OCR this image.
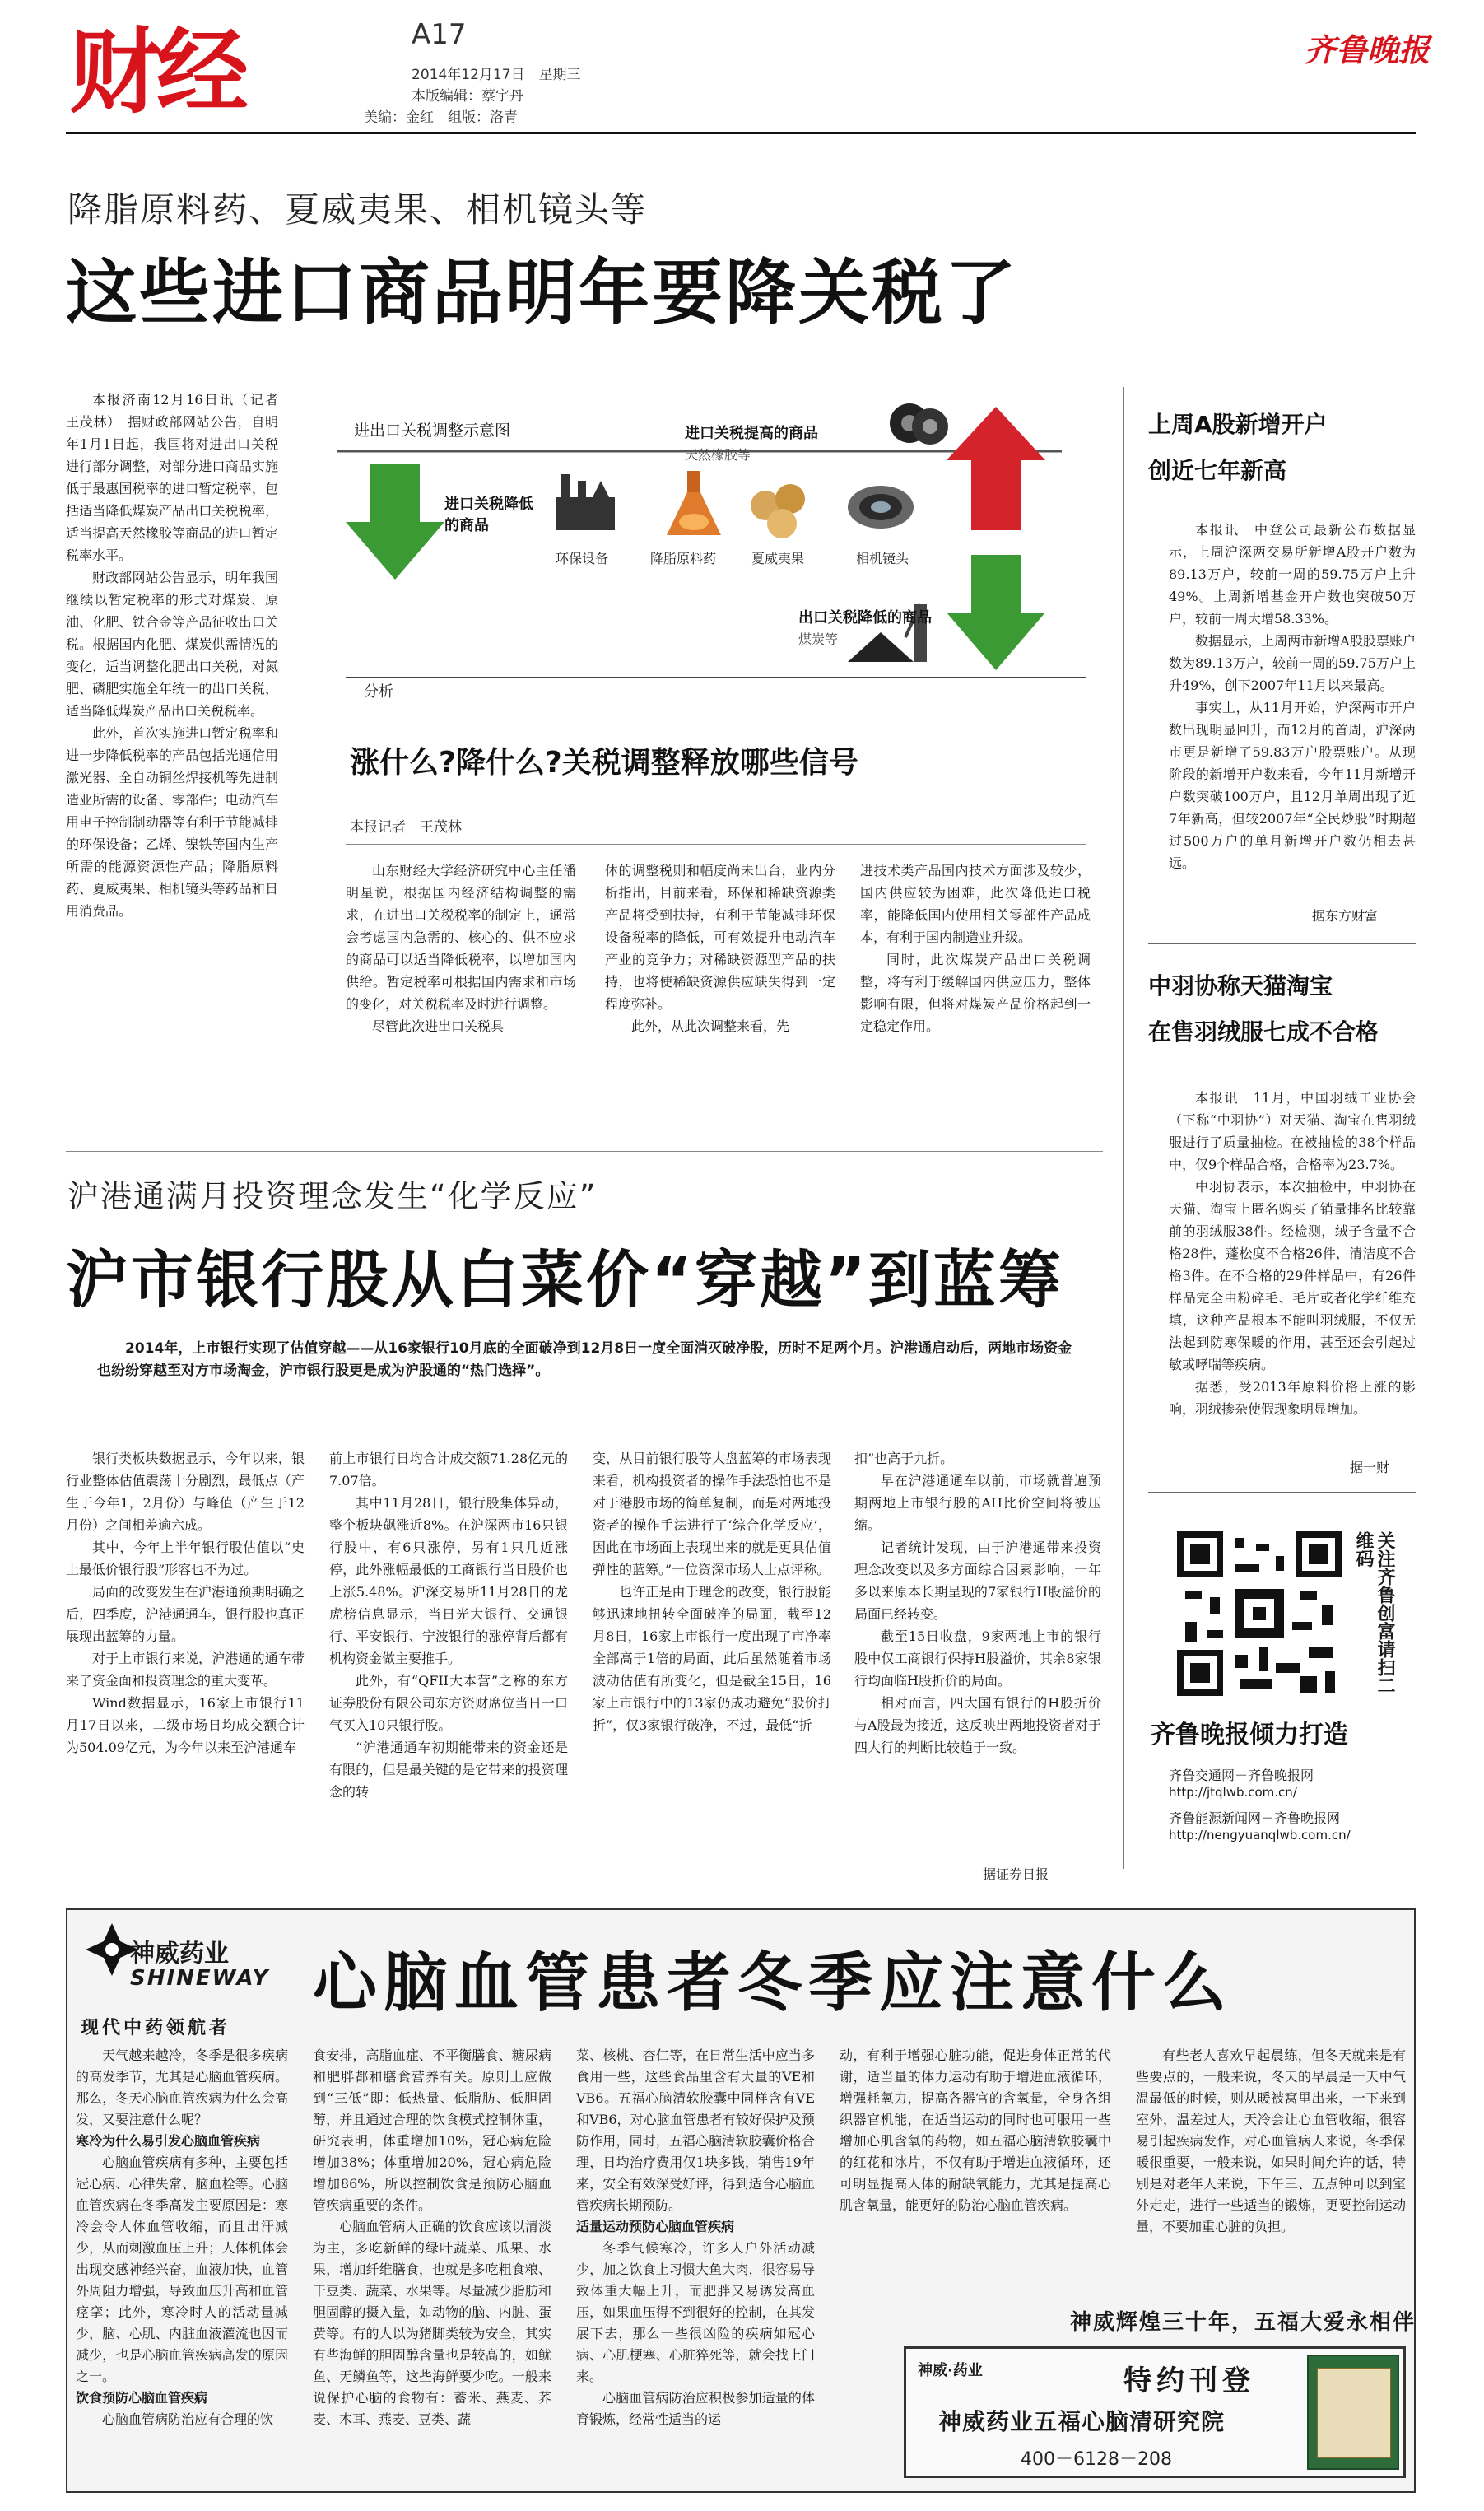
财经	A17
2014年12月17日　星期三
本版编辑：蔡宇丹
美编：金红　组版：洛青
齐鲁晚报
降脂原料药、夏威夷果、相机镜头等
这些进口商品明年要降关税了

本报济南12月16日讯（记者　王茂林）　据财政部网站公告，自明年1月1日起，我国将对进出口关税进行部分调整，对部分进口商品实施低于最惠国税率的进口暂定税率，包括适当降低煤炭产品出口关税税率，适当提高天然橡胶等商品的进口暂定税率水平。

财政部网站公告显示，明年我国继续以暂定税率的形式对煤炭、原油、化肥、铁合金等产品征收出口关税。根据国内化肥、煤炭供需情况的变化，适当调整化肥出口关税，对氮肥、磷肥实施全年统一的出口关税，适当降低煤炭产品出口关税税率。

此外，首次实施进口暂定税率和进一步降低税率的产品包括光通信用激光器、全自动铜丝焊接机等先进制造业所需的设备、零部件；电动汽车用电子控制制动器等有利于节能减排的环保设备；乙烯、镍铁等国内生产所需的能源资源性产品；降脂原料药、夏威夷果、相机镜头等药品和日用消费品。

进出口关税调整示意图	进口关税提高的商品
天然橡胶等
进口关税降低的商品
环保设备	降脂原料药	夏威夷果	相机镜头
出口关税降低的商品
煤炭等
分析
涨什么?降什么?关税调整释放哪些信号
本报记者　王茂林

山东财经大学经济研究中心主任潘明星说，根据国内经济结构调整的需求，在进出口关税税率的制定上，通常会考虑国内急需的、核心的、供不应求的商品可以适当降低税率，以增加国内供给。暂定税率可根据国内需求和市场的变化，对关税税率及时进行调整。

尽管此次进出口关税具

体的调整税则和幅度尚未出台，业内分析指出，目前来看，环保和稀缺资源类产品将受到扶持，有利于节能减排环保设备税率的降低，可有效提升电动汽车产业的竞争力；对稀缺资源型产品的扶持，也将使稀缺资源供应缺失得到一定程度弥补。

此外，从此次调整来看，先

进技术类产品国内技术方面涉及较少，国内供应较为困难，此次降低进口税率，能降低国内使用相关零部件产品成本，有利于国内制造业升级。

同时，此次煤炭产品出口关税调整，将有利于缓解国内供应压力，整体影响有限，但将对煤炭产品价格起到一定稳定作用。

上周A股新增开户
创近七年新高

本报讯　中登公司最新公布数据显示，上周沪深两交易所新增A股开户数为89.13万户，较前一周的59.75万户上升49%。上周新增基金开户数也突破50万户，较前一周大增58.33%。

数据显示，上周两市新增A股股票账户数为89.13万户，较前一周的59.75万户上升49%，创下2007年11月以来最高。

事实上，从11月开始，沪深两市开户数出现明显回升，而12月的首周，沪深两市更是新增了59.83万户股票账户。从现阶段的新增开户数来看，今年11月新增开户数突破100万户，且12月单周出现了近7年新高，但较2007年“全民炒股”时期超过500万户的单月新增开户数仍相去甚远。

据东方财富
中羽协称天猫淘宝
在售羽绒服七成不合格

本报讯　11月，中国羽绒工业协会（下称“中羽协”）对天猫、淘宝在售羽绒服进行了质量抽检。在被抽检的38个样品中，仅9个样品合格，合格率为23.7%。

中羽协表示，本次抽检中，中羽协在天猫、淘宝上匿名购买了销量排名比较靠前的羽绒服38件。经检测，绒子含量不合格28件，蓬松度不合格26件，清洁度不合格3件。在不合格的29件样品中，有26件样品完全由粉碎毛、毛片或者化学纤维充填，这种产品根本不能叫羽绒服，不仅无法起到防寒保暖的作用，甚至还会引起过敏或哮喘等疾病。

据悉，受2013年原料价格上涨的影响，羽绒掺杂使假现象明显增加。

据一财
关注齐鲁创富请扫二维码
齐鲁晚报倾力打造
齐鲁交通网－齐鲁晚报网
http://jtqlwb.com.cn/
齐鲁能源新闻网－齐鲁晚报网
http://nengyuanqlwb.com.cn/
沪港通满月投资理念发生“化学反应”
沪市银行股从白菜价“穿越”到蓝筹
2014年，上市银行实现了估值穿越——从16家银行10月底的全面破净到12月8日一度全面消灭破净股，历时不足两个月。沪港通启动后，两地市场资金也纷纷穿越至对方市场淘金，沪市银行股更是成为沪股通的“热门选择”。

银行类板块数据显示，今年以来，银行业整体估值震荡十分剧烈，最低点（产生于今年1，2月份）与峰值（产生于12月份）之间相差逾六成。

其中，今年上半年银行股估值以“史上最低价银行股”形容也不为过。

局面的改变发生在沪港通预期明确之后，四季度，沪港通通车，银行股也真正展现出蓝筹的力量。

对于上市银行来说，沪港通的通车带来了资金面和投资理念的重大变革。

Wind数据显示，16家上市银行11月17日以来，二级市场日均成交额合计为504.09亿元，为今年以来至沪港通车

前上市银行日均合计成交额71.28亿元的7.07倍。

其中11月28日，银行股集体异动，整个板块飙涨近8%。在沪深两市16只银行股中，有6只涨停，另有1只几近涨停，此外涨幅最低的工商银行当日股价也上涨5.48%。沪深交易所11月28日的龙虎榜信息显示，当日光大银行、交通银行、平安银行、宁波银行的涨停背后都有机构资金做主要推手。

此外，有“QFII大本营”之称的东方证券股份有限公司东方资财席位当日一口气买入10只银行股。

“沪港通通车初期能带来的资金还是有限的，但是最关键的是它带来的投资理念的转

变，从目前银行股等大盘蓝筹的市场表现来看，机构投资者的操作手法恐怕也不是对于港股市场的简单复制，而是对两地投资者的操作手法进行了‘综合化学反应’，因此在市场面上表现出来的就是更具估值弹性的蓝筹。”一位资深市场人士点评称。

也许正是由于理念的改变，银行股能够迅速地扭转全面破净的局面，截至12月8日，16家上市银行一度出现了市净率全部高于1倍的局面，此后虽然随着市场波动估值有所变化，但是截至15日，16家上市银行中的13家仍成功避免“股价打折”，仅3家银行破净，不过，最低“折

扣”也高于九折。

早在沪港通通车以前，市场就普遍预期两地上市银行股的AH比价空间将被压缩。

记者统计发现，由于沪港通带来投资理念改变以及多方面综合因素影响，一年多以来原本长期呈现的7家银行H股溢价的局面已经转变。

截至15日收盘，9家两地上市的银行股中仅工商银行保持H股溢价，其余8家银行均面临H股折价的局面。

相对而言，四大国有银行的H股折价与A股最为接近，这反映出两地投资者对于四大行的判断比较趋于一致。

据证券日报
神威药业
SHINEWAY
现代中药领航者
心脑血管患者冬季应注意什么

天气越来越冷，冬季是很多疾病的高发季节，尤其是心脑血管疾病。那么，冬天心脑血管疾病为什么会高发，又要注意什么呢？

寒冷为什么易引发心脑血管疾病

心脑血管疾病有多种，主要包括冠心病、心律失常、脑血栓等。心脑血管疾病在冬季高发主要原因是：寒冷会令人体血管收缩，而且出汗减少，从而刺激血压上升；人体机体会出现交感神经兴奋，血液加快，血管外周阻力增强，导致血压升高和血管痉挛；此外，寒冷时人的活动量减少，脑、心肌、内脏血液灌流也因而减少，也是心脑血管疾病高发的原因之一。

饮食预防心脑血管疾病

心脑血管病防治应有合理的饮

食安排，高脂血症、不平衡膳食、糖尿病和肥胖都和膳食营养有关。原则上应做到“三低”即：低热量、低脂肪、低胆固醇，并且通过合理的饮食模式控制体重，研究表明，体重增加10%，冠心病危险增加38%；体重增加20%，冠心病危险增加86%，所以控制饮食是预防心脑血管疾病重要的条件。

心脑血管病人正确的饮食应该以清淡为主，多吃新鲜的绿叶蔬菜、瓜果、水果，增加纤维膳食，也就是多吃粗食粮、干豆类、蔬菜、水果等。尽量减少脂肪和胆固醇的摄入量，如动物的脑、内脏、蛋黄等。有的人以为猪脚类较为安全，其实有些海鲜的胆固醇含量也是较高的，如鱿鱼、无鳞鱼等，这些海鲜要少吃。一般来说保护心脑的食物有：蓄米、燕麦、荞麦、木耳、燕麦、豆类、蔬

菜、核桃、杏仁等，在日常生活中应当多食用一些，这些食品里含有大量的VE和VB6。五福心脑清软胶囊中同样含有VE和VB6，对心脑血管患者有较好保护及预防作用，同时，五福心脑清软胶囊价格合理，日均治疗费用仅1块多钱，销售19年来，安全有效深受好评，得到适合心脑血管疾病长期预防。

适量运动预防心脑血管疾病

冬季气候寒冷，许多人户外活动减少，加之饮食上习惯大鱼大肉，很容易导致体重大幅上升，而肥胖又易诱发高血压，如果血压得不到很好的控制，在其发展下去，那么一些很凶险的疾病如冠心病、心肌梗塞、心脏猝死等，就会找上门来。

心脑血管病防治应积极参加适量的体育锻炼，经常性适当的运

动，有利于增强心脏功能，促进身体正常的代谢，适当量的体力运动有助于增进血液循环，增强耗氧力，提高各器官的含氧量，全身各组织器官机能，在适当运动的同时也可服用一些增加心肌含氧的药物，如五福心脑清软胶囊中的红花和冰片，不仅有助于增进血液循环，还可明显提高人体的耐缺氧能力，尤其是提高心肌含氧量，能更好的防治心脑血管疾病。

有些老人喜欢早起晨练，但冬天就来是有些要点的，一般来说，冬天的早晨是一天中气温最低的时候，则从暖被窝里出来，一下来到室外，温差过大，天冷会让心血管收缩，很容易引起疾病发作，对心血管病人来说，冬季保暖很重要，一般来说，如果时间允许的话，特别是对老年人来说，下午三、五点钟可以到室外走走，进行一些适当的锻炼，更要控制运动量，不要加重心脏的负担。

神威辉煌三十年，五福大爱永相伴
神威·药业	特约刊登
神威药业五福心脑清研究院
400－6128－208
